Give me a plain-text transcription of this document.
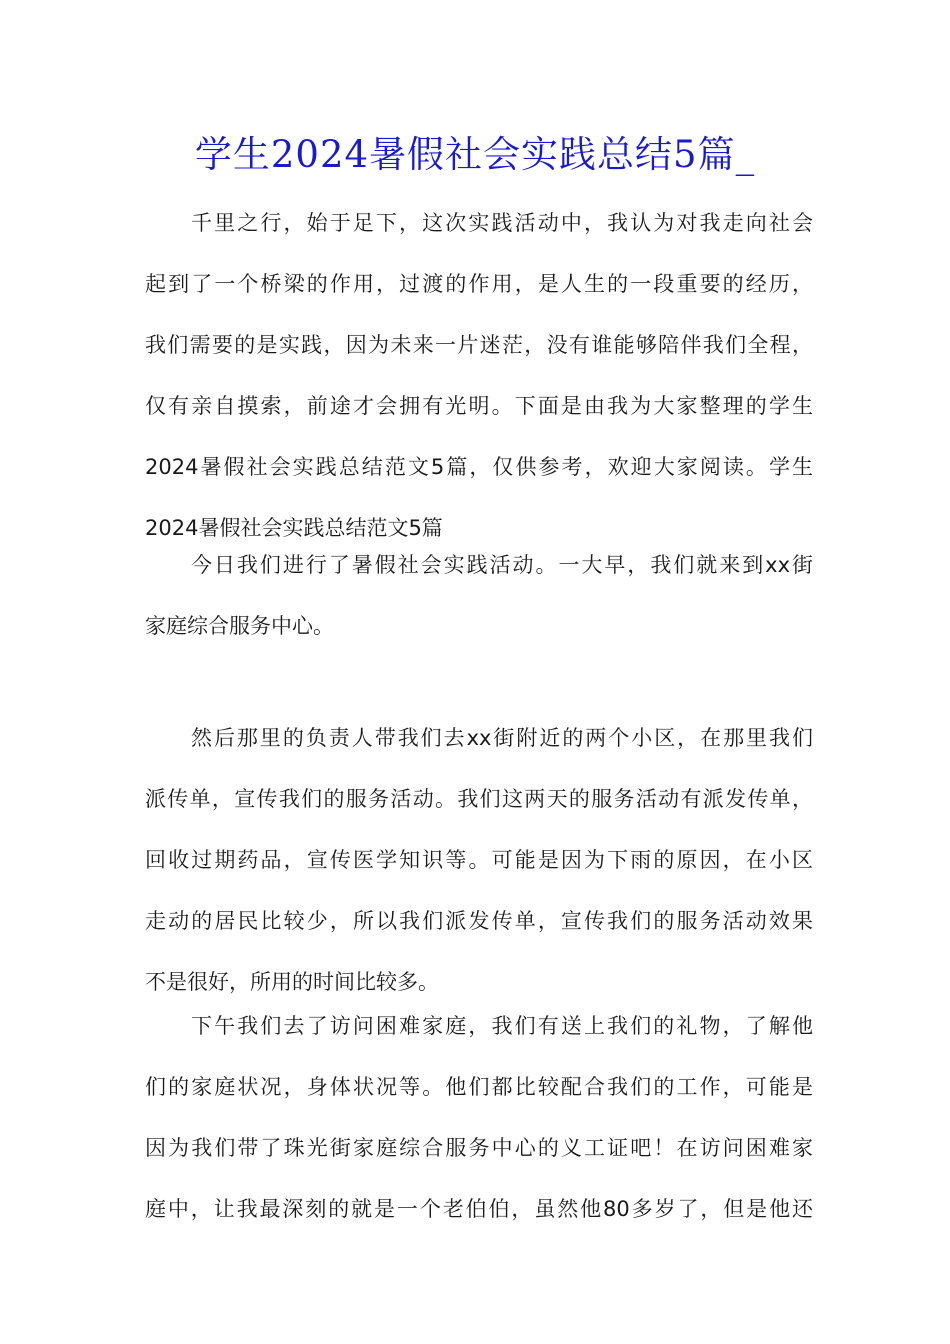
学生2024暑假社会实践总结5篇_
千里之行，始于足下，这次实践活动中，我认为对我走向社会
起到了一个桥梁的作用，过渡的作用，是人生的一段重要的经历，
我们需要的是实践，因为未来一片迷茫，没有谁能够陪伴我们全程，
仅有亲自摸索，前途才会拥有光明。下面是由我为大家整理的学生
2024暑假社会实践总结范文5篇，仅供参考，欢迎大家阅读。学生
2024暑假社会实践总结范文5篇
今日我们进行了暑假社会实践活动。一大早，我们就来到xx街
家庭综合服务中心。
然后那里的负责人带我们去xx街附近的两个小区，在那里我们
派传单，宣传我们的服务活动。我们这两天的服务活动有派发传单，
回收过期药品，宣传医学知识等。可能是因为下雨的原因，在小区
走动的居民比较少，所以我们派发传单，宣传我们的服务活动效果
不是很好，所用的时间比较多。
下午我们去了访问困难家庭，我们有送上我们的礼物，了解他
们的家庭状况，身体状况等。他们都比较配合我们的工作，可能是
因为我们带了珠光街家庭综合服务中心的义工证吧！在访问困难家
庭中，让我最深刻的就是一个老伯伯，虽然他80多岁了，但是他还
